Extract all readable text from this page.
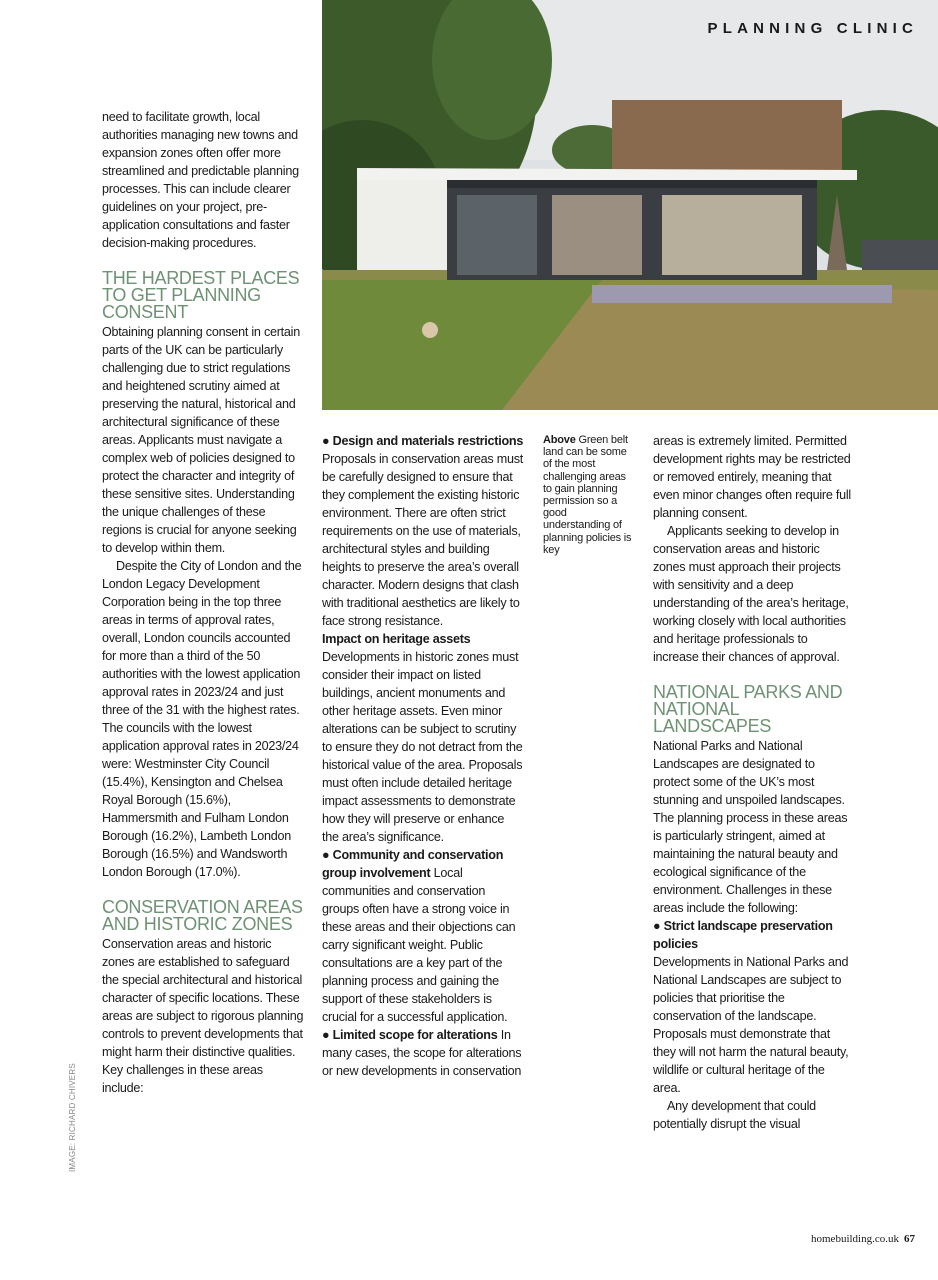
PLANNING CLINIC

need to facilitate growth, local authorities managing new towns and expansion zones often offer more streamlined and predictable planning processes. This can include clearer guidelines on your project, pre-application consultations and faster decision-making procedures.

THE HARDEST PLACES TO GET PLANNING CONSENT

Obtaining planning consent in certain parts of the UK can be particularly challenging due to strict regulations and heightened scrutiny aimed at preserving the natural, historical and architectural significance of these areas. Applicants must navigate a complex web of policies designed to protect the character and integrity of these sensitive sites. Understanding the unique challenges of these regions is crucial for anyone seeking to develop within them.

Despite the City of London and the London Legacy Development Corporation being in the top three areas in terms of approval rates, overall, London councils accounted for more than a third of the 50 authorities with the lowest application approval rates in 2023/24 and just three of the 31 with the highest rates. The councils with the lowest application approval rates in 2023/24 were: Westminster City Council (15.4%), Kensington and Chelsea Royal Borough (15.6%), Hammersmith and Fulham London Borough (16.2%), Lambeth London Borough (16.5%) and Wandsworth London Borough (17.0%).

CONSERVATION AREAS AND HISTORIC ZONES

Conservation areas and historic zones are established to safeguard the special architectural and historical character of specific locations. These areas are subject to rigorous planning controls to prevent developments that might harm their distinctive qualities. Key challenges in these areas include:

● Design and materials restrictions Proposals in conservation areas must be carefully designed to ensure that they complement the existing historic environment. There are often strict requirements on the use of materials, architectural styles and building heights to preserve the area’s overall character. Modern designs that clash with traditional aesthetics are likely to face strong resistance.

Impact on heritage assets
Developments in historic zones must consider their impact on listed buildings, ancient monuments and other heritage assets. Even minor alterations can be subject to scrutiny to ensure they do not detract from the historical value of the area. Proposals must often include detailed heritage impact assessments to demonstrate how they will preserve or enhance the area’s significance.

● Community and conservation group involvement Local communities and conservation groups often have a strong voice in these areas and their objections can carry significant weight. Public consultations are a key part of the planning process and gaining the support of these stakeholders is crucial for a successful application.

● Limited scope for alterations In many cases, the scope for alterations or new developments in conservation

Above Green belt land can be some of the most challenging areas to gain planning permission so a good understanding of planning policies is key

areas is extremely limited. Permitted development rights may be restricted or removed entirely, meaning that even minor changes often require full planning consent.

Applicants seeking to develop in conservation areas and historic zones must approach their projects with sensitivity and a deep understanding of the area’s heritage, working closely with local authorities and heritage professionals to increase their chances of approval.

NATIONAL PARKS AND NATIONAL LANDSCAPES

National Parks and National Landscapes are designated to protect some of the UK’s most stunning and unspoiled landscapes. The planning process in these areas is particularly stringent, aimed at maintaining the natural beauty and ecological significance of the environment. Challenges in these areas include the following:

● Strict landscape preservation policies
Developments in National Parks and National Landscapes are subject to policies that prioritise the conservation of the landscape. Proposals must demonstrate that they will not harm the natural beauty, wildlife or cultural heritage of the area.

Any development that could potentially disrupt the visual

IMAGE: RICHARD CHIVERS
homebuilding.co.uk 67
